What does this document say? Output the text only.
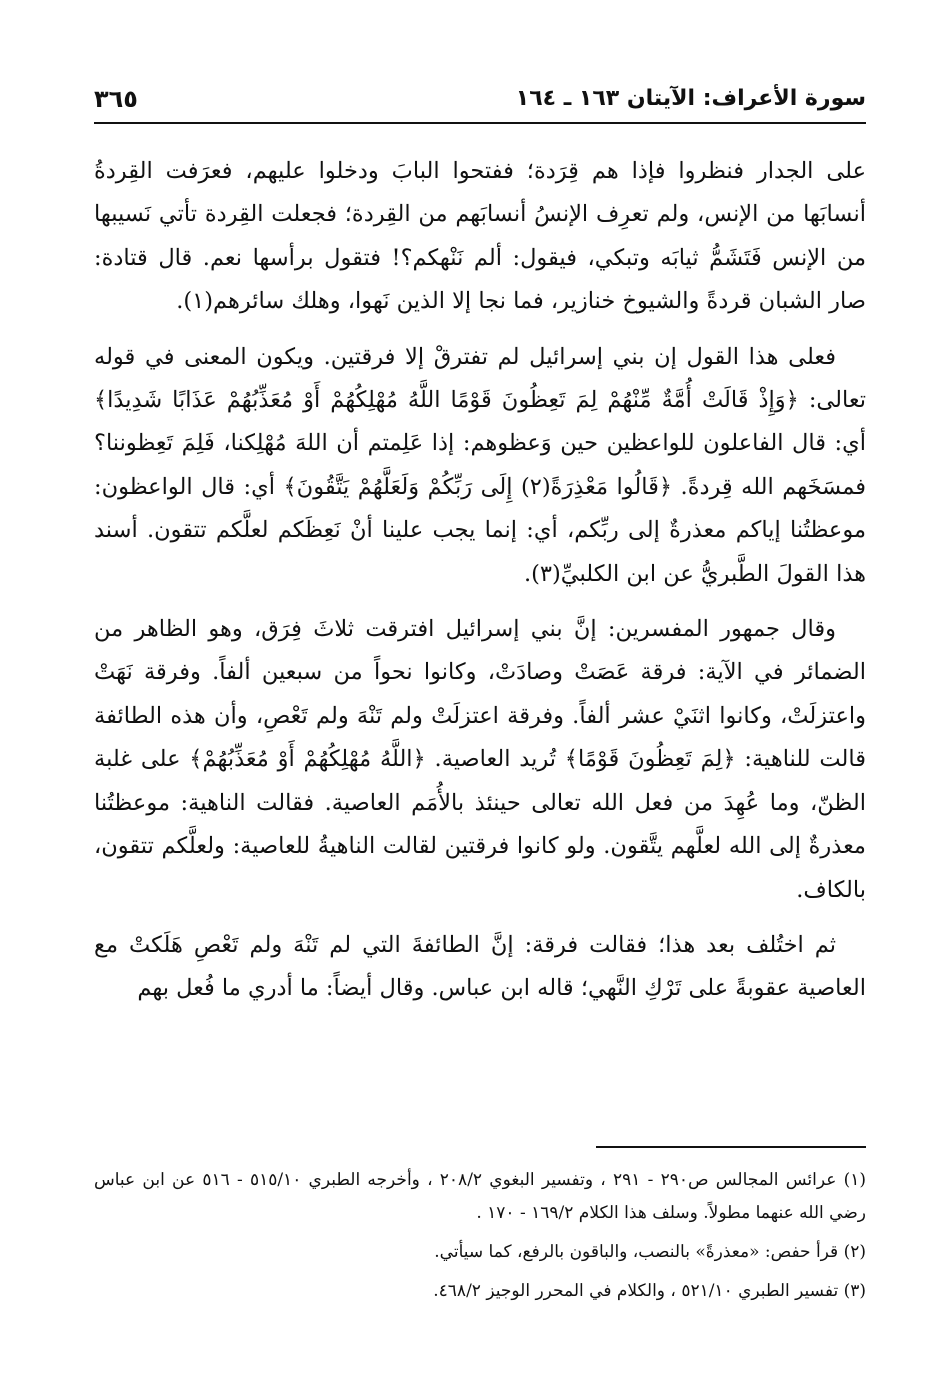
سورة الأعراف: الآيتان ١٦٣ ـ ١٦٤
٣٦٥

على الجدار فنظروا فإذا هم قِرَدة؛ ففتحوا البابَ ودخلوا عليهم، فعرَفت القِردةُ أنسابَها من الإنس، ولم تعرِف الإنسُ أنسابَهم من القِردة؛ فجعلت القِردة تأتي نَسيبها من الإنس فَتَشَمُّ ثيابَه وتبكي، فيقول: ألم نَنْهكم؟! فتقول برأسها نعم. قال قتادة: صار الشبان قردةً والشيوخ خنازير، فما نجا إلا الذين نَهوا، وهلك سائرهم(١).

فعلى هذا القول إن بني إسرائيل لم تفترقْ إلا فرقتين. ويكون المعنى في قوله تعالى: ﴿وَإِذْ قَالَتْ أُمَّةٌ مِّنْهُمْ لِمَ تَعِظُونَ قَوْمًا اللَّهُ مُهْلِكُهُمْ أَوْ مُعَذِّبُهُمْ عَذَابًا شَدِيدًا﴾ أي: قال الفاعلون للواعظين حين وَعظوهم: إذا عَلِمتم أن اللهَ مُهْلِكنا، فَلِمَ تَعِظوننا؟ فمسَخَهم الله قِردةً. ﴿قَالُوا مَعْذِرَةً(٢) إِلَى رَبِّكُمْ وَلَعَلَّهُمْ يَتَّقُونَ﴾ أي: قال الواعظون: موعظتُنا إياكم معذرةٌ إلى ربِّكم، أي: إنما يجب علينا أنْ نَعِظَكم لعلَّكم تتقون. أسند هذا القولَ الطَّبريُّ عن ابن الكلبيِّ(٣).

وقال جمهور المفسرين: إنَّ بني إسرائيل افترقت ثلاثَ فِرَق، وهو الظاهر من الضمائر في الآية: فرقة عَصَتْ وصادَتْ، وكانوا نحواً من سبعين ألفاً. وفرقة نَهَتْ واعتزلَتْ، وكانوا اثنَيْ عشر ألفاً. وفرقة اعتزلَتْ ولم تَنْهَ ولم تَعْصِ، وأن هذه الطائفة قالت للناهية: ﴿لِمَ تَعِظُونَ قَوْمًا﴾ تُريد العاصية. ﴿اللَّهُ مُهْلِكُهُمْ أَوْ مُعَذِّبُهُمْ﴾ على غلبة الظنّ، وما عُهِدَ من فعل الله تعالى حينئذ بالأُمَم العاصية. فقالت الناهية: موعظتُنا معذرةٌ إلى الله لعلَّهم يتَّقون. ولو كانوا فرقتين لقالت الناهيةُ للعاصية: ولعلَّكم تتقون، بالكاف.

ثم اختُلف بعد هذا؛ فقالت فرقة: إنَّ الطائفةَ التي لم تَنْهَ ولم تَعْصِ هَلَكتْ مع العاصية عقوبةً على تَرْكِ النَّهي؛ قاله ابن عباس. وقال أيضاً: ما أدري ما فُعل بهم

(١) عرائس المجالس ص٢٩٠ - ٢٩١ ، وتفسير البغوي ٢٠٨/٢ ، وأخرجه الطبري ٥١٥/١٠ - ٥١٦ عن ابن عباس رضي الله عنهما مطولاً. وسلف هذا الكلام ١٦٩/٢ - ١٧٠ .

(٢) قرأ حفص: «معذرةً» بالنصب، والباقون بالرفع، كما سيأتي.

(٣) تفسير الطبري ٥٢١/١٠ ، والكلام في المحرر الوجيز ٤٦٨/٢.
